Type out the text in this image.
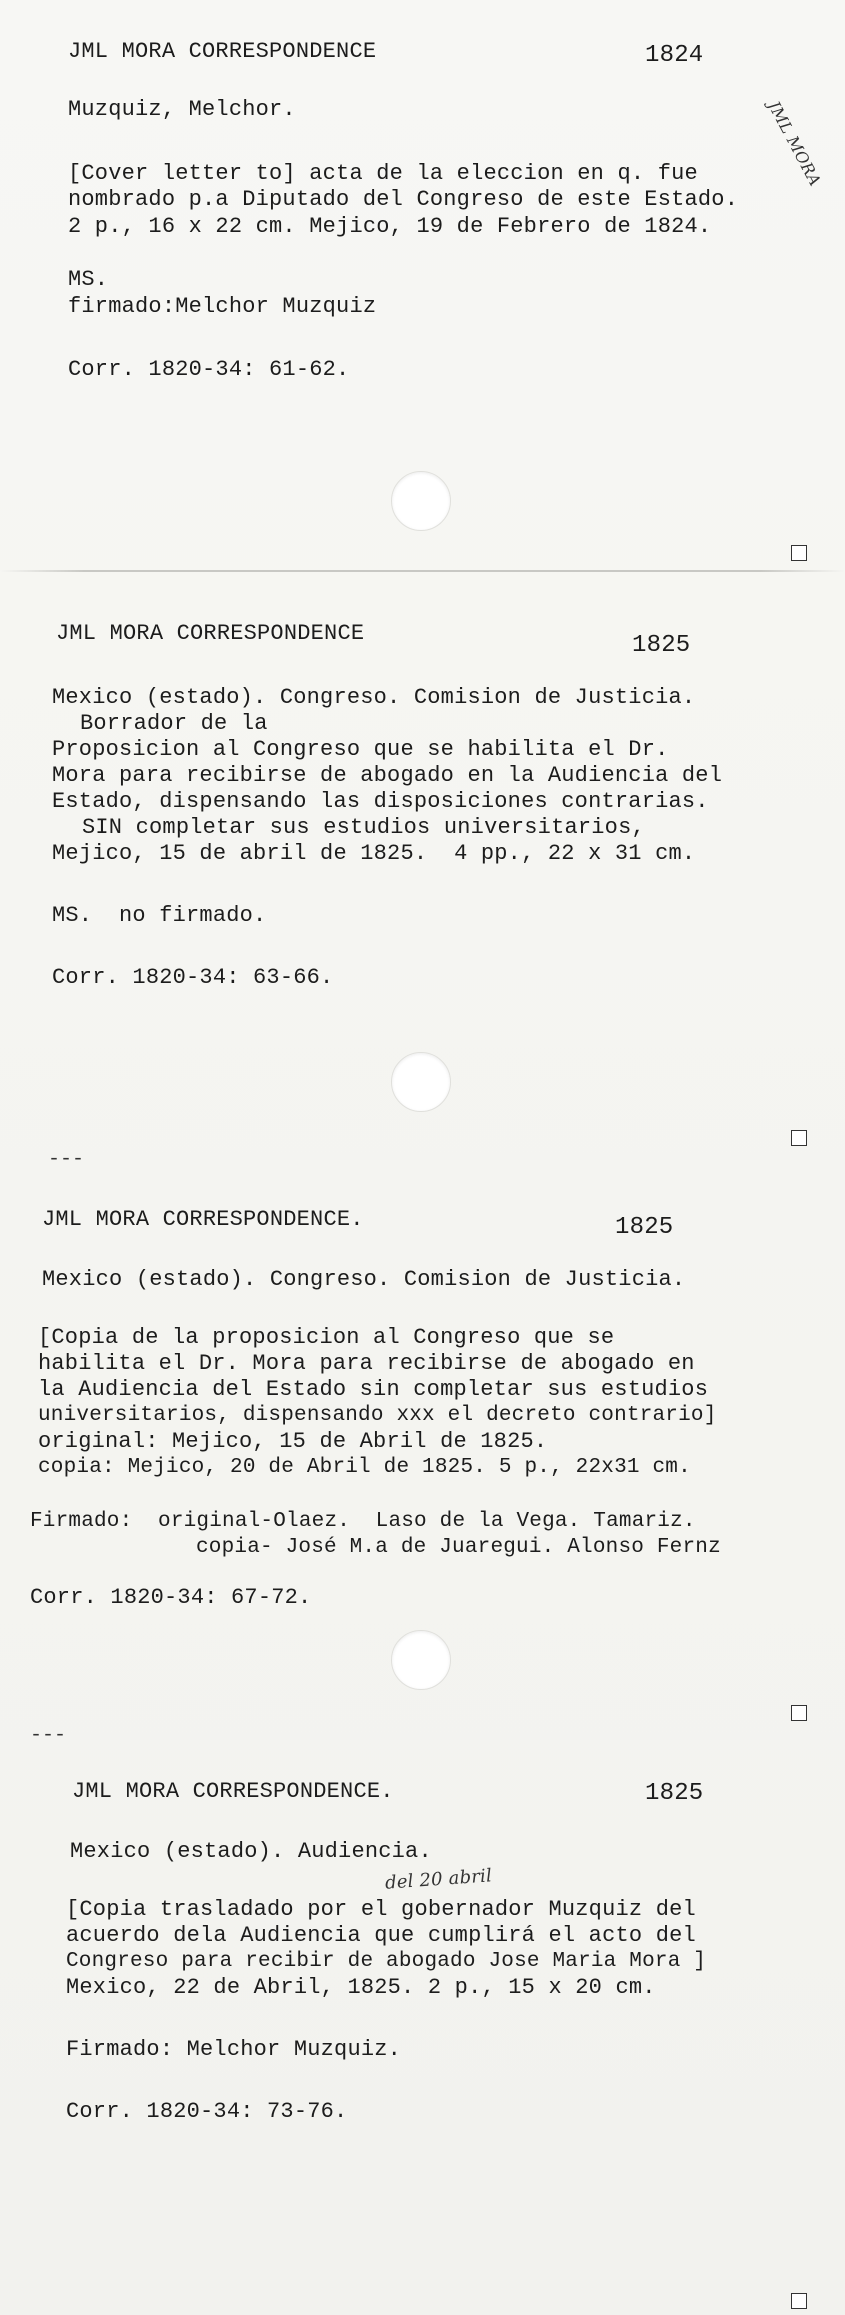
JML MORA CORRESPONDENCE	1824
Muzquiz, Melchor.
[Cover letter to] acta de la eleccion en q. fue
nombrado p.a Diputado del Congreso de este Estado.
2 p., 16 x 22 cm. Mejico, 19 de Febrero de 1824.
MS.
firmado:Melchor Muzquiz
Corr. 1820-34: 61-62.
JML MORA
JML MORA CORRESPONDENCE	1825
Mexico (estado). Congreso. Comision de Justicia.
Borrador de la
Proposicion al Congreso que se habilita el Dr.
Mora para recibirse de abogado en la Audiencia del
Estado, dispensando las disposiciones contrarias.
SIN completar sus estudios universitarios,
Mejico, 15 de abril de 1825.  4 pp., 22 x 31 cm.
MS.  no firmado.
Corr. 1820-34: 63-66.
---
JML MORA CORRESPONDENCE.	1825
Mexico (estado). Congreso. Comision de Justicia.
[Copia de la proposicion al Congreso que se
habilita el Dr. Mora para recibirse de abogado en
la Audiencia del Estado sin completar sus estudios
universitarios, dispensando xxx el decreto contrario]
original: Mejico, 15 de Abril de 1825.
copia: Mejico, 20 de Abril de 1825. 5 p., 22x31 cm.
Firmado:  original-Olaez.  Laso de la Vega. Tamariz.
copia- José M.a de Juaregui. Alonso Fernz
Corr. 1820-34: 67-72.
---
JML MORA CORRESPONDENCE.	1825
Mexico (estado). Audiencia.
del 20 abril
[Copia trasladado por el gobernador Muzquiz del
acuerdo dela Audiencia que cumplirá el acto del
Congreso para recibir de abogado Jose Maria Mora ]
Mexico, 22 de Abril, 1825. 2 p., 15 x 20 cm.
Firmado: Melchor Muzquiz.
Corr. 1820-34: 73-76.
